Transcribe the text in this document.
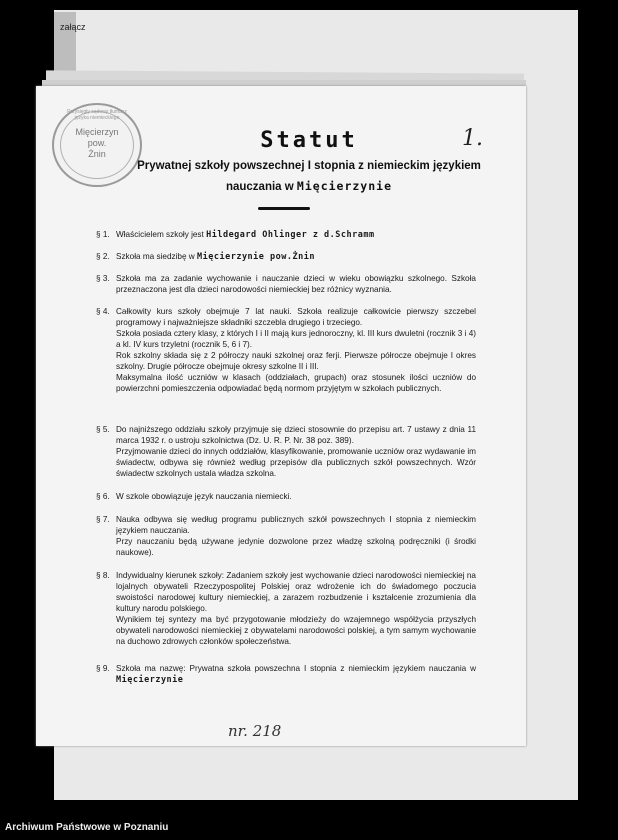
załącz
Przysięgły sądowy tłumacz języka niemieckiego
Mięcierzyn
pow.
Żnin
1.
Statut
Prywatnej szkoły powszechnej I stopnia z niemieckim językiem
nauczania w Mięcierzynie
§ 1. Właścicielem szkoły jest Hildegard Ohlinger z d.Schramm

§ 2. Szkoła ma siedzibę w Mięcierzynie pow.Żnin

§ 3. Szkoła ma za zadanie wychowanie i nauczanie dzieci w wieku obowiązku szkolnego. Szkoła przeznaczona jest dla dzieci narodowości niemieckiej bez różnicy wyznania.

§ 4. Całkowity kurs szkoły obejmuje 7 lat nauki. Szkoła realizuje całkowicie pierwszy szczebel programowy i najważniejsze składniki szczebla drugiego i trzeciego.

Szkoła posiada cztery klasy, z których I i II mają kurs jednoroczny, kl. III kurs dwuletni (rocznik 3 i 4) a kl. IV kurs trzyletni (rocznik 5, 6 i 7).

Rok szkolny składa się z 2 półroczy nauki szkolnej oraz ferji. Pierwsze półrocze obejmuje I okres szkolny. Drugie półrocze obejmuje okresy szkolne II i III.

Maksymalna ilość uczniów w klasach (oddziałach, grupach) oraz stosunek ilości uczniów do powierzchni pomieszczenia odpowiadać będą normom przyjętym w szkołach publicznych.

§ 5. Do najniższego oddziału szkoły przyjmuje się dzieci stosownie do przepisu art. 7 ustawy z dnia 11 marca 1932 r. o ustroju szkolnictwa (Dz. U. R. P. Nr. 38 poz. 389).

Przyjmowanie dzieci do innych oddziałów, klasyfikowanie, promowanie uczniów oraz wydawanie im świadectw, odbywa się również według przepisów dla publicznych szkół powszechnych. Wzór świadectw szkolnych ustala władza szkolna.

§ 6. W szkole obowiązuje język nauczania niemiecki.

§ 7. Nauka odbywa się według programu publicznych szkół powszechnych I stopnia z niemieckim językiem nauczania.

Przy nauczaniu będą używane jedynie dozwolone przez władzę szkolną podręczniki (i środki naukowe).

§ 8. Indywidualny kierunek szkoły: Zadaniem szkoły jest wychowanie dzieci narodowości niemieckiej na lojalnych obywateli Rzeczypospolitej Polskiej oraz wdrożenie ich do świadomego poczucia swoistości narodowej kultury niemieckiej, a zarazem rozbudzenie i kształcenie zrozumienia dla kultury narodu polskiego.

Wynikiem tej syntezy ma być przygotowanie młodzieży do wzajemnego współżycia przyszłych obywateli narodowości niemieckiej z obywatelami narodowości polskiej, a tym samym wychowanie na duchowo zdrowych członków społeczeństwa.

§ 9. Szkoła ma nazwę: Prywatna szkoła powszechna I stopnia z niemieckim językiem nauczania w Mięcierzynie

nr. 218
Archiwum Państwowe w Poznaniu
